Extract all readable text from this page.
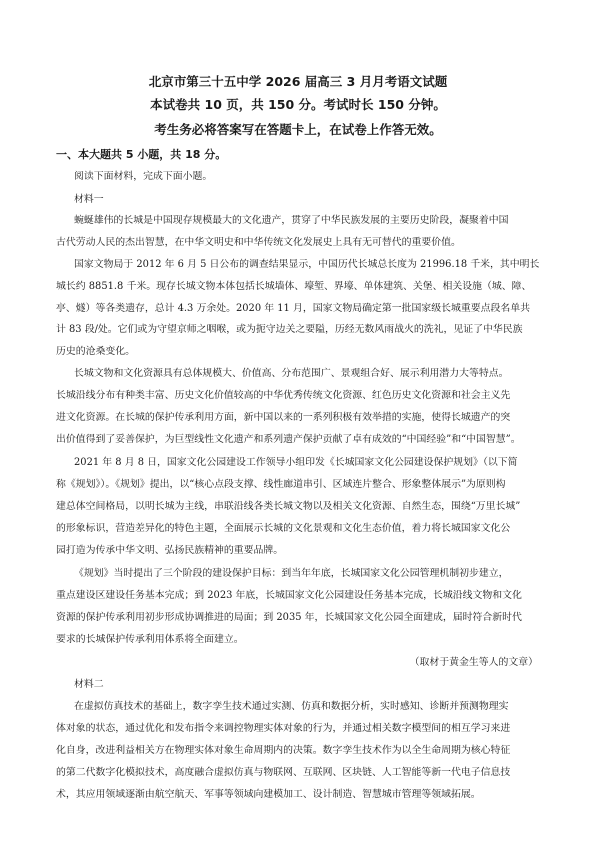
北京市第三十五中学 2026 届高三 3 月月考语文试题
本试卷共 10 页，共 150 分。考试时长 150 分钟。
考生务必将答案写在答题卡上，在试卷上作答无效。
一、本大题共 5 小题，共 18 分。
阅读下面材料，完成下面小题。
材料一
蜿蜒雄伟的长城是中国现存规模最大的文化遗产，贯穿了中华民族发展的主要历史阶段，凝聚着中国
古代劳动人民的杰出智慧，在中华文明史和中华传统文化发展史上具有无可替代的重要价值。
国家文物局于 2012 年 6 月 5 日公布的调查结果显示，中国历代长城总长度为 21996.18 千米，其中明长
城长约 8851.8 千米。现存长城文物本体包括长城墙体、壕堑、界壕、单体建筑、关堡、相关设施（城、障、
亭、燧）等各类遗存，总计 4.3 万余处。2020 年 11 月，国家文物局确定第一批国家级长城重要点段名单共
计 83 段/处。它们或为守望京师之咽喉，或为扼守边关之要隘，历经无数风雨战火的洗礼，见证了中华民族
历史的沧桑变化。
长城文物和文化资源具有总体规模大、价值高、分布范围广、景观组合好、展示利用潜力大等特点。
长城沿线分布有种类丰富、历史文化价值较高的中华优秀传统文化资源、红色历史文化资源和社会主义先
进文化资源。在长城的保护传承利用方面，新中国以来的一系列积极有效举措的实施，使得长城遗产的突
出价值得到了妥善保护，为巨型线性文化遗产和系列遗产保护贡献了卓有成效的“中国经验”和“中国智慧”。
2021 年 8 月 8 日，国家文化公园建设工作领导小组印发《长城国家文化公园建设保护规划》（以下简
称《规划》）。《规划》提出，以“核心点段支撑、线性廊道串引、区域连片整合、形象整体展示”为原则构
建总体空间格局，以明长城为主线，串联沿线各类长城文物以及相关文化资源、自然生态，围绕“万里长城”
的形象标识，营造差异化的特色主题，全面展示长城的文化景观和文化生态价值，着力将长城国家文化公
园打造为传承中华文明、弘扬民族精神的重要品牌。
《规划》当时提出了三个阶段的建设保护目标：到当年年底，长城国家文化公园管理机制初步建立，
重点建设区建设任务基本完成；到 2023 年底，长城国家文化公园建设任务基本完成，长城沿线文物和文化
资源的保护传承利用初步形成协调推进的局面；到 2035 年，长城国家文化公园全面建成，届时符合新时代
要求的长城保护传承利用体系将全面建立。
（取材于黄金生等人的文章）
材料二
在虚拟仿真技术的基础上，数字孪生技术通过实测、仿真和数据分析，实时感知、诊断并预测物理实
体对象的状态，通过优化和发布指令来调控物理实体对象的行为，并通过相关数字模型间的相互学习来进
化自身，改进利益相关方在物理实体对象生命周期内的决策。数字孪生技术作为以全生命周期为核心特征
的第二代数字化模拟技术，高度融合虚拟仿真与物联网、互联网、区块链、人工智能等新一代电子信息技
术，其应用领域逐渐由航空航天、军事等领域向建模加工、设计制造、智慧城市管理等领域拓展。
